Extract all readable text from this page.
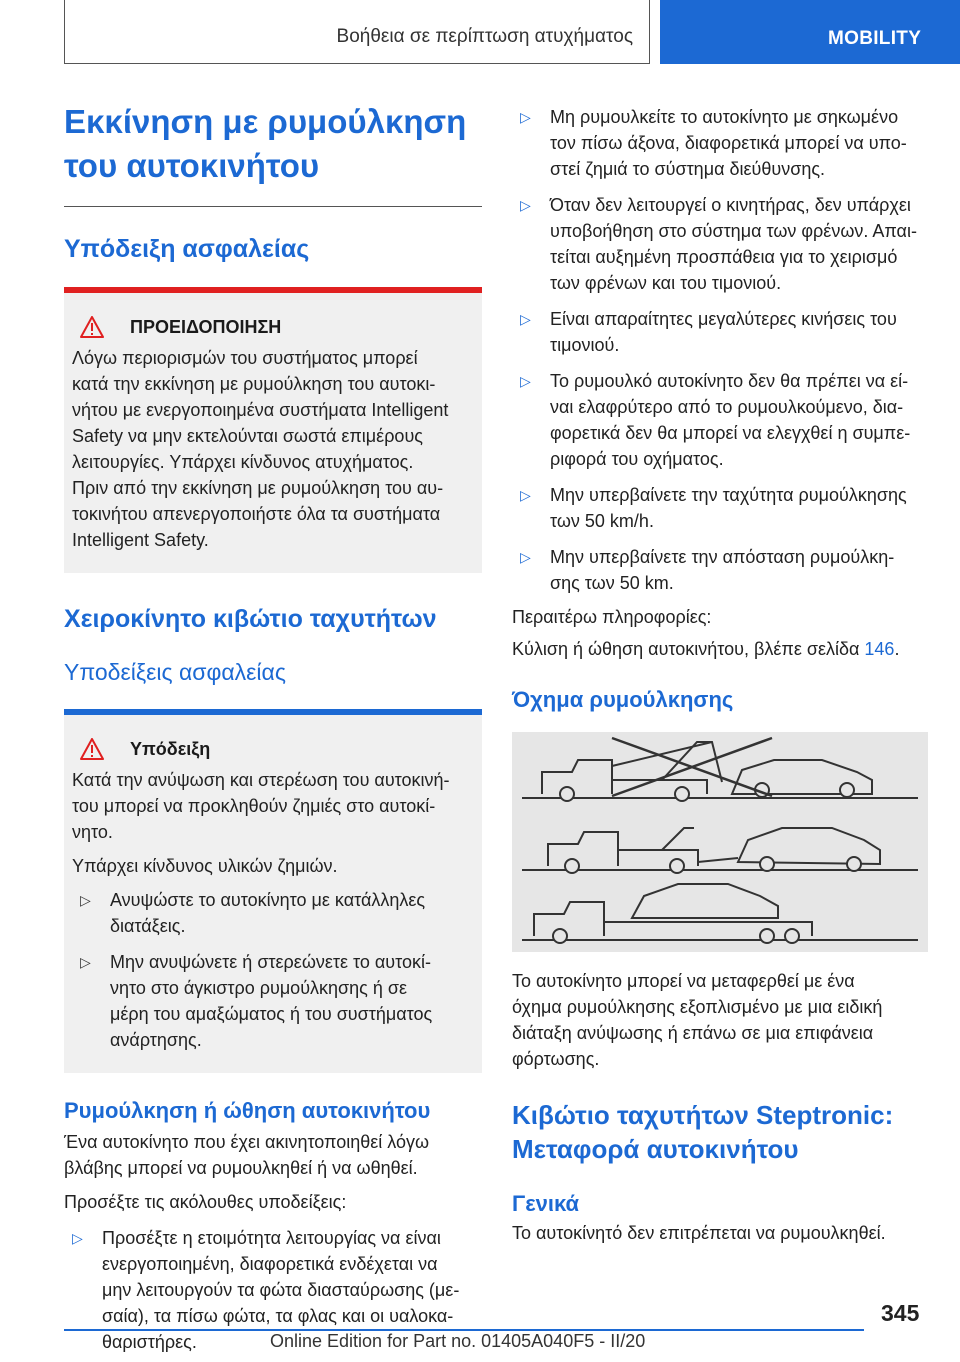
Βοήθεια σε περίπτωση ατυχήματος	MOBILITY
Εκκίνηση με ρυμούλκηση
του αυτοκινήτου
Υπόδειξη ασφαλείας
ΠΡΟΕΙΔΟΠΟΙΗΣΗ
Λόγω περιορισμών του συστήματος μπορεί
κατά την εκκίνηση με ρυμούλκηση του αυτοκι-
νήτου με ενεργοποιημένα συστήματα Intelligent
Safety να μην εκτελούνται σωστά επιμέρους
λειτουργίες. Υπάρχει κίνδυνος ατυχήματος.
Πριν από την εκκίνηση με ρυμούλκηση του αυ-
τοκινήτου απενεργοποιήστε όλα τα συστήματα
Intelligent Safety.
Χειροκίνητο κιβώτιο ταχυτήτων
Υποδείξεις ασφαλείας
Υπόδειξη
Κατά την ανύψωση και στερέωση του αυτοκινή-
του μπορεί να προκληθούν ζημιές στο αυτοκί-
νητο.
Υπάρχει κίνδυνος υλικών ζημιών.
▷ Ανυψώστε το αυτοκίνητο με κατάλληλες
διατάξεις.
▷ Μην ανυψώνετε ή στερεώνετε το αυτοκί-
νητο στο άγκιστρο ρυμούλκησης ή σε
μέρη του αμαξώματος ή του συστήματος
ανάρτησης.
Ρυμούλκηση ή ώθηση αυτοκινήτου
Ένα αυτοκίνητο που έχει ακινητοποιηθεί λόγω
βλάβης μπορεί να ρυμουλκηθεί ή να ωθηθεί.
Προσέξτε τις ακόλουθες υποδείξεις:
▷ Προσέξτε η ετοιμότητα λειτουργίας να είναι
ενεργοποιημένη, διαφορετικά ενδέχεται να
μην λειτουργούν τα φώτα διασταύρωσης (με-
σαία), τα πίσω φώτα, τα φλας και οι υαλοκα-
θαριστήρες.
▷ Μη ρυμουλκείτε το αυτοκίνητο με σηκωμένο
τον πίσω άξονα, διαφορετικά μπορεί να υπο-
στεί ζημιά το σύστημα διεύθυνσης.
▷ Όταν δεν λειτουργεί ο κινητήρας, δεν υπάρχει
υποβοήθηση στο σύστημα των φρένων. Απαι-
τείται αυξημένη προσπάθεια για το χειρισμό
των φρένων και του τιμονιού.
▷ Είναι απαραίτητες μεγαλύτερες κινήσεις του
τιμονιού.
▷ Το ρυμουλκό αυτοκίνητο δεν θα πρέπει να εί-
ναι ελαφρύτερο από το ρυμουλκούμενο, δια-
φορετικά δεν θα μπορεί να ελεγχθεί η συμπε-
ριφορά του οχήματος.
▷ Μην υπερβαίνετε την ταχύτητα ρυμούλκησης
των 50 km/h.
▷ Μην υπερβαίνετε την απόσταση ρυμούλκη-
σης των 50 km.
Περαιτέρω πληροφορίες:
Κύλιση ή ώθηση αυτοκινήτου, βλέπε σελίδα 146.
Όχημα ρυμούλκησης
Το αυτοκίνητο μπορεί να μεταφερθεί με ένα
όχημα ρυμούλκησης εξοπλισμένο με μια ειδική
διάταξη ανύψωσης ή επάνω σε μια επιφάνεια
φόρτωσης.
Κιβώτιο ταχυτήτων Steptronic:
Μεταφορά αυτοκινήτου
Γενικά
Το αυτοκίνητό δεν επιτρέπεται να ρυμουλκηθεί.
345
Online Edition for Part no. 01405A040F5 - II/20
